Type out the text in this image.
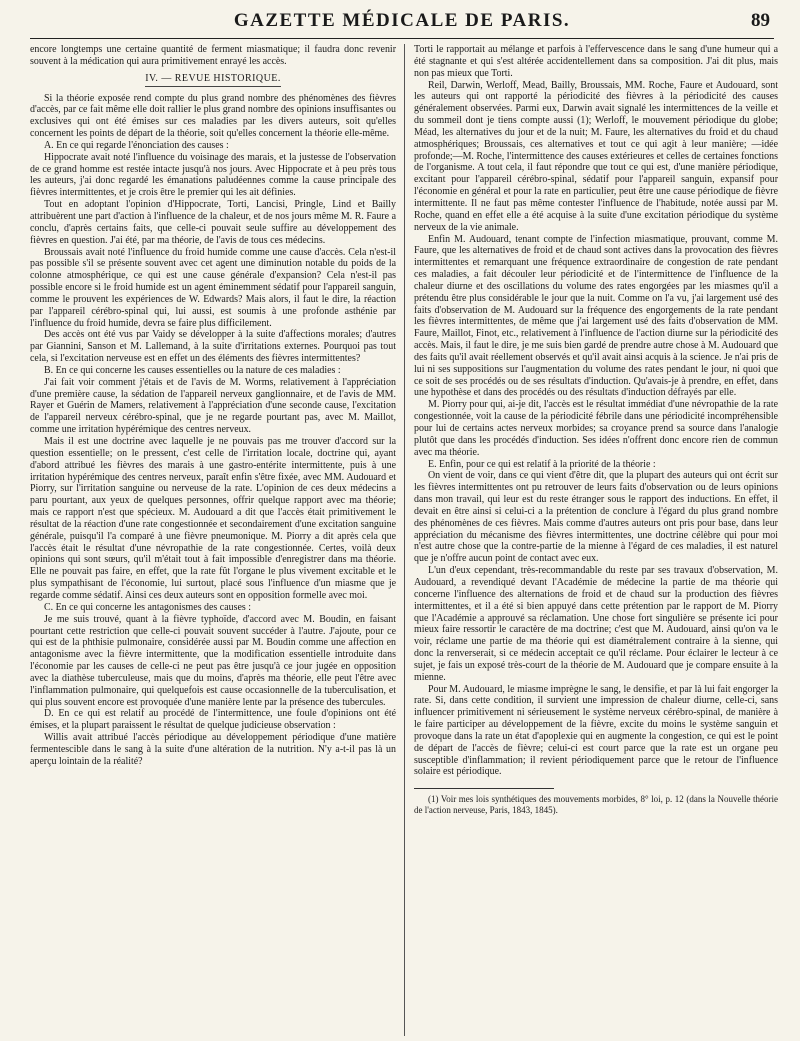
GAZETTE MÉDICALE DE PARIS.	89

encore longtemps une certaine quantité de ferment miasmatique; il faudra donc revenir souvent à la médication qui aura primitivement enrayé les accès.

IV. — REVUE HISTORIQUE.

Si la théorie exposée rend compte du plus grand nombre des phénomènes des fièvres d'accès, par ce fait même elle doit rallier le plus grand nombre des opinions insuffisantes ou exclusives qui ont été émises sur ces maladies par les divers auteurs, soit qu'elles concernent les points de départ de la théorie, soit qu'elles concernent la théorie elle-même.

A. En ce qui regarde l'énonciation des causes :

Hippocrate avait noté l'influence du voisinage des marais, et la justesse de l'observation de ce grand homme est restée intacte jusqu'à nos jours. Avec Hippocrate et à peu près tous les auteurs, j'ai donc regardé les émanations paludéennes comme la cause principale des fièvres intermittentes, et je crois être le premier qui les ait définies.

Tout en adoptant l'opinion d'Hippocrate, Torti, Lancisi, Pringle, Lind et Bailly attribuèrent une part d'action à l'influence de la chaleur, et de nos jours même M. R. Faure a conclu, d'après certains faits, que celle-ci pouvait seule suffire au développement des fièvres en question. J'ai été, par ma théorie, de l'avis de tous ces médecins.

Broussais avait noté l'influence du froid humide comme une cause d'accès. Cela n'est-il pas possible s'il se présente souvent avec cet agent une diminution notable du poids de la colonne atmosphérique, ce qui est une cause générale d'expansion? Cela n'est-il pas possible encore si le froid humide est un agent éminemment sédatif pour l'appareil sanguin, comme le prouvent les expériences de W. Edwards? Mais alors, il faut le dire, la réaction par l'appareil cérébro-spinal qui, lui aussi, est soumis à une profonde asthénie par l'influence du froid humide, devra se faire plus difficilement.

Des accès ont été vus par Vaidy se développer à la suite d'affections morales; d'autres par Giannini, Sanson et M. Lallemand, à la suite d'irritations externes. Pourquoi pas tout cela, si l'excitation nerveuse est en effet un des éléments des fièvres intermittentes?

B. En ce qui concerne les causes essentielles ou la nature de ces maladies :

J'ai fait voir comment j'étais et de l'avis de M. Worms, relativement à l'appréciation d'une première cause, la sédation de l'appareil nerveux ganglionnaire, et de l'avis de MM. Rayer et Guérin de Mamers, relativement à l'appréciation d'une seconde cause, l'excitation de l'appareil nerveux cérébro-spinal, que je ne regarde pourtant pas, avec M. Maillot, comme une irritation hypérémique des centres nerveux.

Mais il est une doctrine avec laquelle je ne pouvais pas me trouver d'accord sur la question essentielle; on le pressent, c'est celle de l'irritation locale, doctrine qui, ayant d'abord attribué les fièvres des marais à une gastro-entérite intermittente, puis à une irritation hypérémique des centres nerveux, paraît enfin s'être fixée, avec MM. Audouard et Piorry, sur l'irritation sanguine ou nerveuse de la rate. L'opinion de ces deux médecins a paru pourtant, aux yeux de quelques personnes, offrir quelque rapport avec ma théorie; mais ce rapport n'est que spécieux. M. Audouard a dit que l'accès était primitivement le résultat de la réaction d'une rate congestionnée et secondairement d'une excitation sanguine générale, puisqu'il l'a comparé à une fièvre pneumonique. M. Piorry a dit après cela que l'accès était le résultat d'une névropathie de la rate congestionnée. Certes, voilà deux opinions qui sont sœurs, qu'il m'était tout à fait impossible d'enregistrer dans ma théorie. Elle ne pouvait pas faire, en effet, que la rate fût l'organe le plus vivement excitable et le plus sympathisant de l'économie, lui surtout, placé sous l'influence d'un miasme que je regarde comme sédatif. Ainsi ces deux auteurs sont en opposition formelle avec moi.

C. En ce qui concerne les antagonismes des causes :

Je me suis trouvé, quant à la fièvre typhoïde, d'accord avec M. Boudin, en faisant pourtant cette restriction que celle-ci pouvait souvent succéder à l'autre. J'ajoute, pour ce qui est de la phthisie pulmonaire, considérée aussi par M. Boudin comme une affection en antagonisme avec la fièvre intermittente, que la modification essentielle introduite dans l'économie par les causes de celle-ci ne peut pas être jusqu'à ce jour jugée en opposition avec la diathèse tuberculeuse, mais que du moins, d'après ma théorie, elle peut l'être avec l'inflammation pulmonaire, qui quelquefois est cause occasionnelle de la tuberculisation, et qui plus souvent encore est provoquée d'une manière lente par la présence des tubercules.

D. En ce qui est relatif au procédé de l'intermittence, une foule d'opinions ont été émises, et la plupart paraissent le résultat de quelque judicieuse observation :

Willis avait attribué l'accès périodique au développement périodique d'une matière fermentescible dans le sang à la suite d'une altération de la nutrition. N'y a-t-il pas là un aperçu lointain de la réalité?

Torti le rapportait au mélange et parfois à l'effervescence dans le sang d'une humeur qui a été stagnante et qui s'est altérée accidentellement dans sa composition. J'ai dit plus, mais non pas mieux que Torti.

Reil, Darwin, Werloff, Mead, Bailly, Broussais, MM. Roche, Faure et Audouard, sont les auteurs qui ont rapporté la périodicité des fièvres à la périodicité des causes généralement observées. Parmi eux, Darwin avait signalé les intermittences de la veille et du sommeil dont je tiens compte aussi (1); Werloff, le mouvement périodique du globe; Méad, les alternatives du jour et de la nuit; M. Faure, les alternatives du froid et du chaud atmosphériques; Broussais, ces alternatives et tout ce qui agit à leur manière; —idée profonde;—M. Roche, l'intermittence des causes extérieures et celles de certaines fonctions de l'organisme. A tout cela, il faut répondre que tout ce qui est, d'une manière périodique, excitant pour l'appareil cérébro-spinal, sédatif pour l'appareil sanguin, expansif pour l'économie en général et pour la rate en particulier, peut être une cause périodique de fièvre intermittente. Il ne faut pas même contester l'influence de l'habitude, notée aussi par M. Roche, quand en effet elle a été acquise à la suite d'une excitation périodique du système nerveux de la vie animale.

Enfin M. Audouard, tenant compte de l'infection miasmatique, prouvant, comme M. Faure, que les alternatives de froid et de chaud sont actives dans la provocation des fièvres intermittentes et remarquant une fréquence extraordinaire de congestion de rate pendant ces maladies, a fait découler leur périodicité et de l'intermittence de l'influence de la chaleur diurne et des oscillations du volume des rates engorgées par les miasmes qu'il a prétendu être plus considérable le jour que la nuit. Comme on l'a vu, j'ai largement usé des faits d'observation de M. Audouard sur la fréquence des engorgements de la rate pendant les fièvres intermittentes, de même que j'ai largement usé des faits d'observation de MM. Faure, Maillot, Finot, etc., relativement à l'influence de l'action diurne sur la périodicité des accès. Mais, il faut le dire, je me suis bien gardé de prendre autre chose à M. Audouard que des faits qu'il avait réellement observés et qu'il avait ainsi acquis à la science. Je n'ai pris de lui ni ses suppositions sur l'augmentation du volume des rates pendant le jour, ni quoi que ce soit de ses procédés ou de ses résultats d'induction. Qu'avais-je à prendre, en effet, dans une hypothèse et dans des procédés ou des résultats d'induction défrayés par elle.

M. Piorry pour qui, ai-je dit, l'accès est le résultat immédiat d'une névropathie de la rate congestionnée, voit la cause de la périodicité fébrile dans une périodicité incompréhensible pour lui de certains actes nerveux morbides; sa croyance prend sa source dans l'analogie plutôt que dans les procédés d'induction. Ses idées n'offrent donc encore rien de commun avec ma théorie.

E. Enfin, pour ce qui est relatif à la priorité de la théorie :

On vient de voir, dans ce qui vient d'être dit, que la plupart des auteurs qui ont écrit sur les fièvres intermittentes ont pu retrouver de leurs faits d'observation ou de leurs opinions dans mon travail, qui leur est du reste étranger sous le rapport des inductions. En effet, il devait en être ainsi si celui-ci a la prétention de conclure à l'égard du plus grand nombre des phénomènes de ces fièvres. Mais comme d'autres auteurs ont pris pour base, dans leur appréciation du mécanisme des fièvres intermittentes, une doctrine célèbre qui pour moi n'est autre chose que la contre-partie de la mienne à l'égard de ces maladies, il est naturel que je n'offre aucun point de contact avec eux.

L'un d'eux cependant, très-recommandable du reste par ses travaux d'observation, M. Audouard, a revendiqué devant l'Académie de médecine la partie de ma théorie qui concerne l'influence des alternations de froid et de chaud sur la production des fièvres intermittentes, et il a été si bien appuyé dans cette prétention par le rapport de M. Piorry que l'Académie a approuvé sa réclamation. Une chose fort singulière se présente ici pour mieux faire ressortir le caractère de ma doctrine; c'est que M. Audouard, ainsi qu'on va le voir, réclame une partie de ma théorie qui est diamétralement contraire à la sienne, qui donc la renverserait, si ce médecin acceptait ce qu'il réclame. Pour éclairer le lecteur à ce sujet, je fais un exposé très-court de la théorie de M. Audouard que je compare ensuite à la mienne.

Pour M. Audouard, le miasme imprègne le sang, le densifie, et par là lui fait engorger la rate. Si, dans cette condition, il survient une impression de chaleur diurne, celle-ci, sans influencer primitivement ni sérieusement le système nerveux cérébro-spinal, de manière à le faire participer au développement de la fièvre, excite du moins le système sanguin et provoque dans la rate un état d'apoplexie qui en augmente la congestion, ce qui est le point de départ de l'accès de fièvre; celui-ci est court parce que la rate est un organe peu susceptible d'inflammation; il revient périodiquement parce que le retour de l'influence solaire est périodique.

(1) Voir mes lois synthétiques des mouvements morbides, 8° loi, p. 12 (dans la Nouvelle théorie de l'action nerveuse, Paris, 1843, 1845).
